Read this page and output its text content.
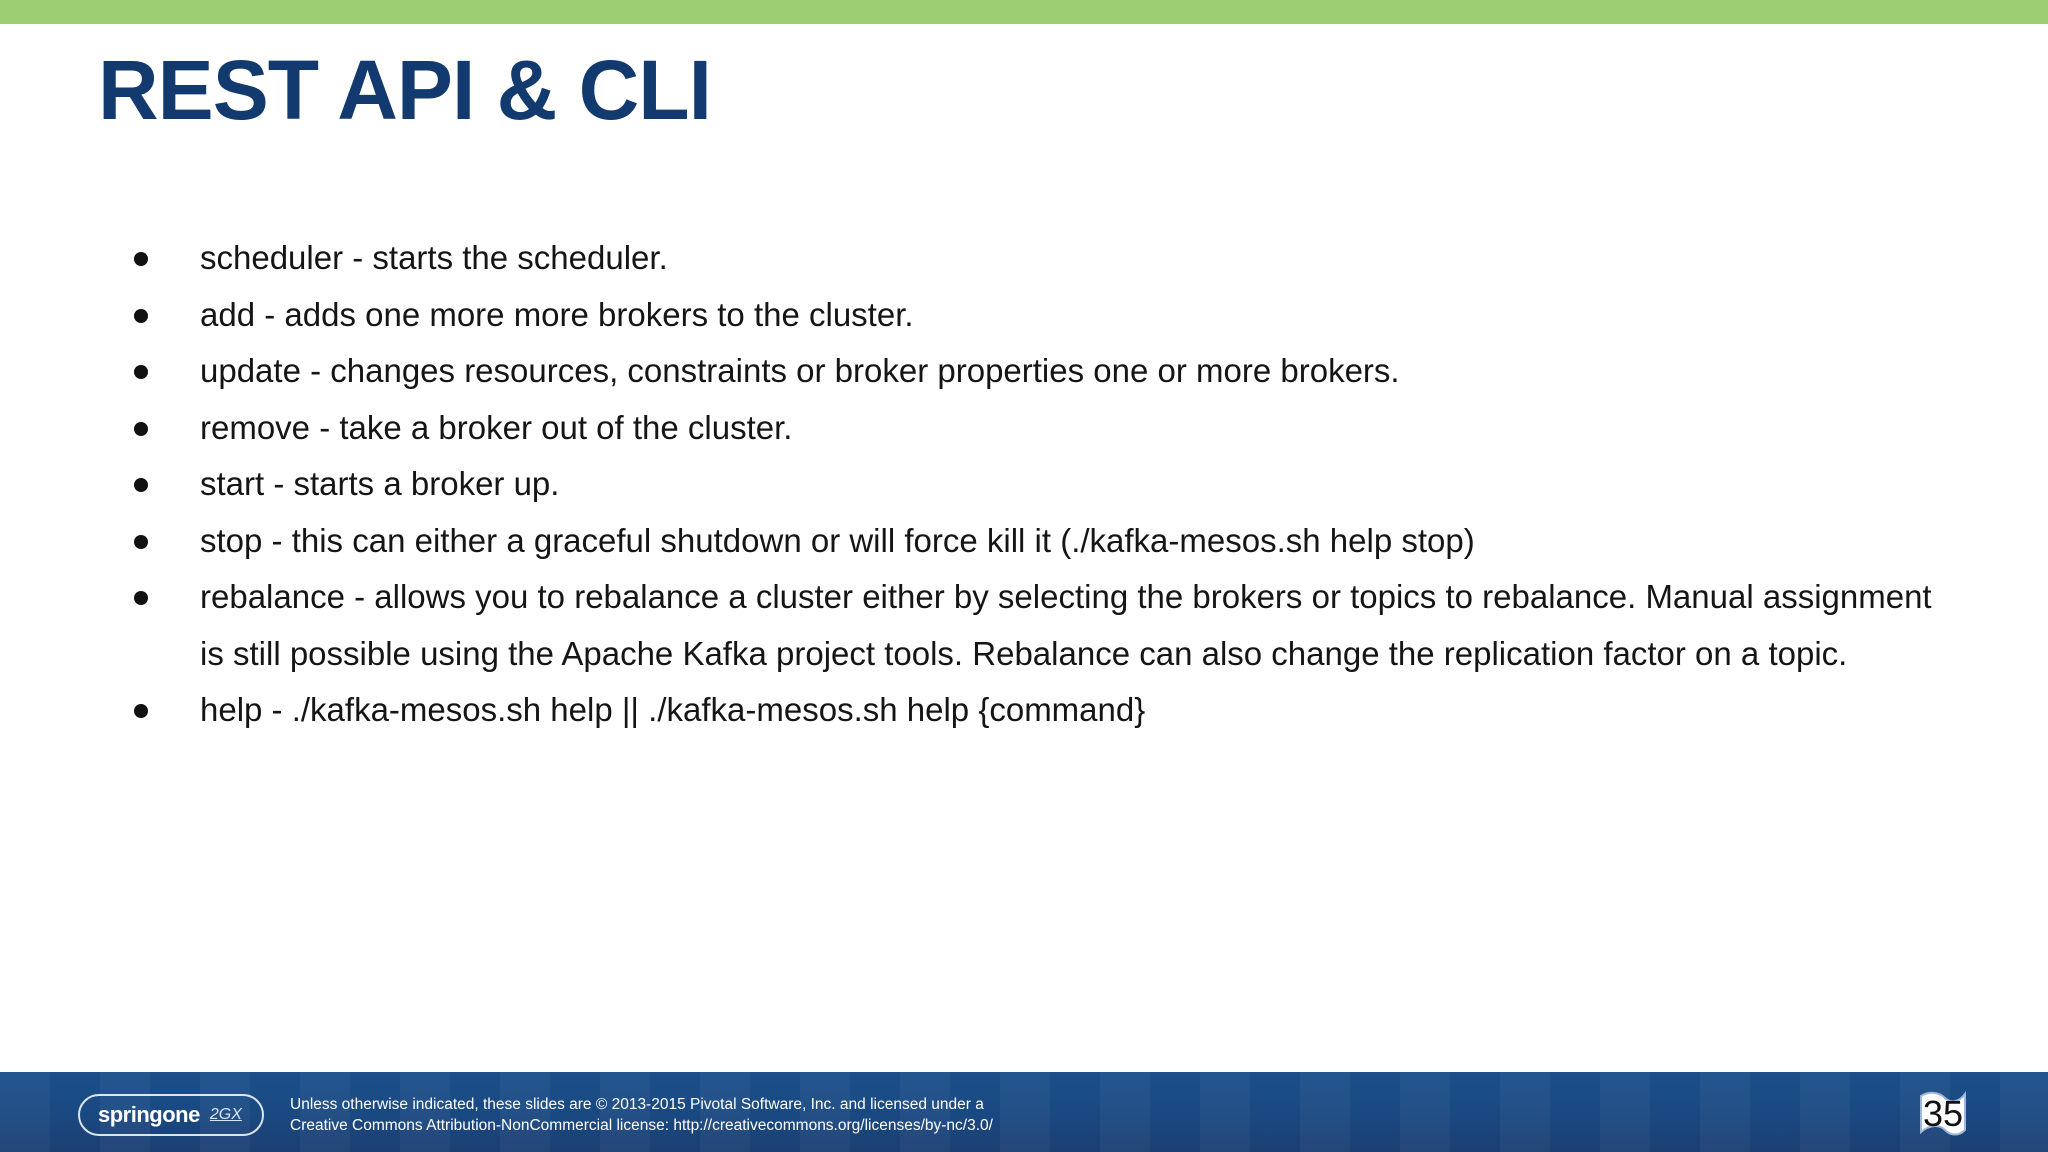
REST API & CLI
scheduler - starts the scheduler.
add - adds one more more brokers to the cluster.
update - changes resources, constraints or broker properties one or more brokers.
remove - take a broker out of the cluster.
start - starts a broker up.
stop - this can either a graceful shutdown or will force kill it (./kafka-mesos.sh help stop)
rebalance - allows you to rebalance a cluster either by selecting the brokers or topics to rebalance. Manual assignment is still possible using the Apache Kafka project tools. Rebalance can also change the replication factor on a topic.
help - ./kafka-mesos.sh help || ./kafka-mesos.sh help {command}
springone 2GX
Unless otherwise indicated, these slides are © 2013-2015 Pivotal Software, Inc. and licensed under a
Creative Commons Attribution-NonCommercial license: http://creativecommons.org/licenses/by-nc/3.0/	35
